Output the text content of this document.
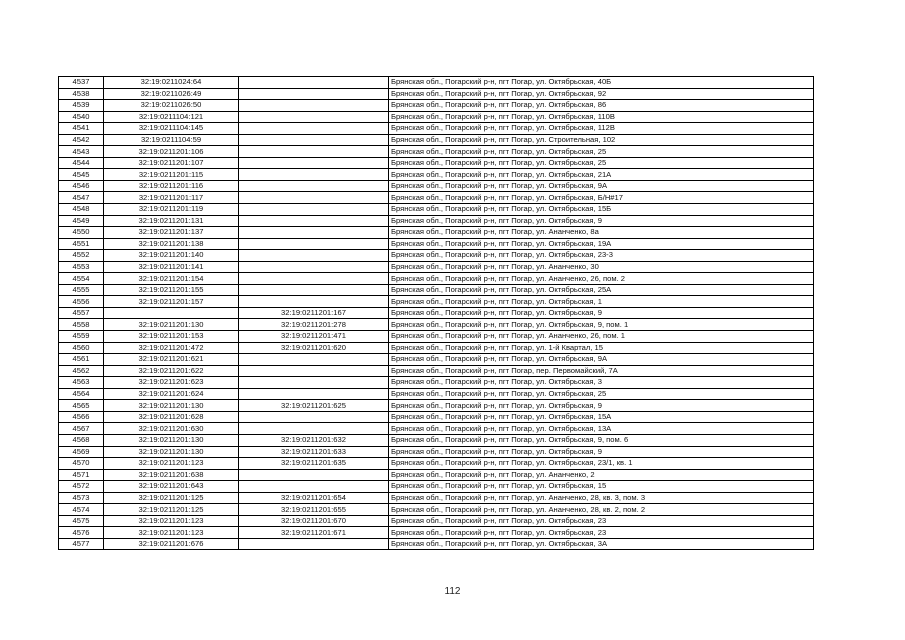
4537	32:19:0211024:64		Брянская обл., Погарский р-н, пгт Погар, ул. Октябрьская, 40Б
4538	32:19:0211026:49		Брянская обл., Погарский р-н, пгт Погар, ул. Октябрьская, 92
4539	32:19:0211026:50		Брянская обл., Погарский р-н, пгт Погар, ул. Октябрьская, 86
4540	32:19:0211104:121		Брянская обл., Погарский р-н, пгт Погар, ул. Октябрьская, 110В
4541	32:19:0211104:145		Брянская обл., Погарский р-н, пгт Погар, ул. Октябрьская, 112В
4542	32:19:0211104:59		Брянская обл., Погарский р-н, пгт Погар, ул. Строительная, 102
4543	32:19:0211201:106		Брянская обл., Погарский р-н, пгт Погар, ул. Октябрьская, 25
4544	32:19:0211201:107		Брянская обл., Погарский р-н, пгт Погар, ул. Октябрьская, 25
4545	32:19:0211201:115		Брянская обл., Погарский р-н, пгт Погар, ул. Октябрьская, 21А
4546	32:19:0211201:116		Брянская обл., Погарский р-н, пгт Погар, ул. Октябрьская, 9А
4547	32:19:0211201:117		Брянская обл., Погарский р-н, пгт Погар, ул. Октябрьская, Б/Н#17
4548	32:19:0211201:119		Брянская обл., Погарский р-н, пгт Погар, ул. Октябрьская, 15Б
4549	32:19:0211201:131		Брянская обл., Погарский р-н, пгт Погар, ул. Октябрьская, 9
4550	32:19:0211201:137		Брянская обл., Погарский р-н, пгт Погар, ул. Ананченко, 8а
4551	32:19:0211201:138		Брянская обл., Погарский р-н, пгт Погар, ул. Октябрьская, 19А
4552	32:19:0211201:140		Брянская обл., Погарский р-н, пгт Погар, ул. Октябрьская, 23-3
4553	32:19:0211201:141		Брянская обл., Погарский р-н, пгт Погар, ул. Ананченко, 30
4554	32:19:0211201:154		Брянская обл., Погарский р-н, пгт Погар, ул. Ананченко, 26, пом. 2
4555	32:19:0211201:155		Брянская обл., Погарский р-н, пгт Погар, ул. Октябрьская, 25А
4556	32:19:0211201:157		Брянская обл., Погарский р-н, пгт Погар, ул. Октябрьская, 1
4557		32:19:0211201:167	Брянская обл., Погарский р-н, пгт Погар, ул. Октябрьская, 9
4558	32:19:0211201:130	32:19:0211201:278	Брянская обл., Погарский р-н, пгт Погар, ул. Октябрьская, 9, пом. 1
4559	32:19:0211201:153	32:19:0211201:471	Брянская обл., Погарский р-н, пгт Погар, ул. Ананченко, 26, пом. 1
4560	32:19:0211201:472	32:19:0211201:620	Брянская обл., Погарский р-н, пгт Погар, ул. 1-й Квартал, 15
4561	32:19:0211201:621		Брянская обл., Погарский р-н, пгт Погар, ул. Октябрьская, 9А
4562	32:19:0211201:622		Брянская обл., Погарский р-н, пгт Погар, пер. Первомайский, 7А
4563	32:19:0211201:623		Брянская обл., Погарский р-н, пгт Погар, ул. Октябрьская, 3
4564	32:19:0211201:624		Брянская обл., Погарский р-н, пгт Погар, ул. Октябрьская, 25
4565	32:19:0211201:130	32:19:0211201:625	Брянская обл., Погарский р-н, пгт Погар, ул. Октябрьская, 9
4566	32:19:0211201:628		Брянская обл., Погарский р-н, пгт Погар, ул. Октябрьская, 15А
4567	32:19:0211201:630		Брянская обл., Погарский р-н, пгт Погар, ул. Октябрьская, 13А
4568	32:19:0211201:130	32:19:0211201:632	Брянская обл., Погарский р-н, пгт Погар, ул. Октябрьская, 9, пом. 6
4569	32:19:0211201:130	32:19:0211201:633	Брянская обл., Погарский р-н, пгт Погар, ул. Октябрьская, 9
4570	32:19:0211201:123	32:19:0211201:635	Брянская обл., Погарский р-н, пгт Погар, ул. Октябрьская, 23/1, кв. 1
4571	32:19:0211201:638		Брянская обл., Погарский р-н, пгт Погар, ул. Ананченко, 2
4572	32:19:0211201:643		Брянская обл., Погарский р-н, пгт Погар, ул. Октябрьская, 15
4573	32:19:0211201:125	32:19:0211201:654	Брянская обл., Погарский р-н, пгт Погар, ул. Ананченко, 28, кв. 3, пом. 3
4574	32:19:0211201:125	32:19:0211201:655	Брянская обл., Погарский р-н, пгт Погар, ул. Ананченко, 28, кв. 2, пом. 2
4575	32:19:0211201:123	32:19:0211201:670	Брянская обл., Погарский р-н, пгт Погар, ул. Октябрьская, 23
4576	32:19:0211201:123	32:19:0211201:671	Брянская обл., Погарский р-н, пгт Погар, ул. Октябрьская, 23
4577	32:19:0211201:676		Брянская обл., Погарский р-н, пгт Погар, ул. Октябрьская, 3А
112
